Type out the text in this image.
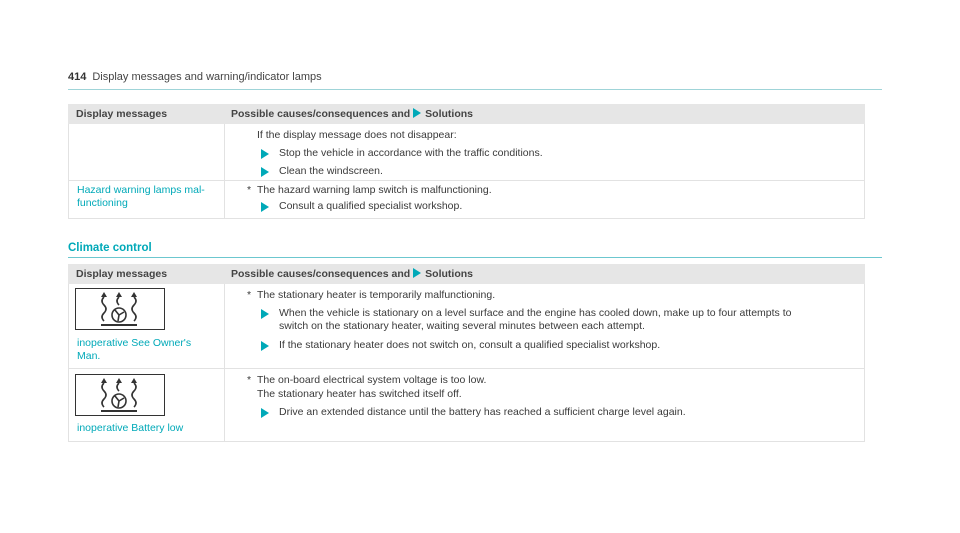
414 Display messages and warning/indicator lamps
Display messages	Possible causes/consequences and Solutions
If the display message does not disappear:
Stop the vehicle in accordance with the traffic conditions.
Clean the windscreen.
Hazard warning lamps mal-
functioning
* The hazard warning lamp switch is malfunctioning.
Consult a qualified specialist workshop.
Climate control
Display messages	Possible causes/consequences and Solutions
inoperative See Owner's
Man.
* The stationary heater is temporarily malfunctioning.
When the vehicle is stationary on a level surface and the engine has cooled down, make up to four attempts to
switch on the stationary heater, waiting several minutes between each attempt.
If the stationary heater does not switch on, consult a qualified specialist workshop.
inoperative Battery low
* The on-board electrical system voltage is too low.
The stationary heater has switched itself off.
Drive an extended distance until the battery has reached a sufficient charge level again.
